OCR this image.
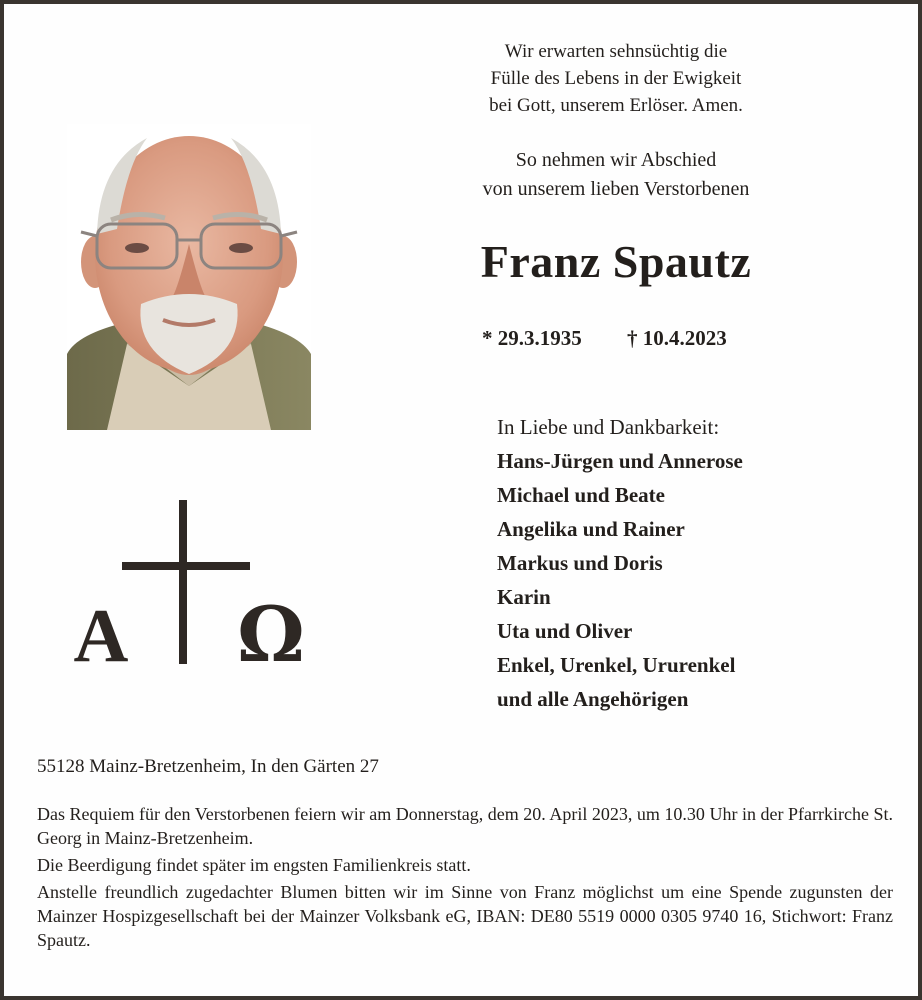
Wir erwarten sehnsüchtig die
Fülle des Lebens in der Ewigkeit
bei Gott, unserem Erlöser. Amen.
So nehmen wir Abschied
von unserem lieben Verstorbenen
Franz Spautz
* 29.3.1935 † 10.4.2023
A Ω
In Liebe und Dankbarkeit:
Hans-Jürgen und Annerose
Michael und Beate
Angelika und Rainer
Markus und Doris
Karin
Uta und Oliver
Enkel, Urenkel, Ururenkel
und alle Angehörigen
55128 Mainz-Bretzenheim, In den Gärten 27

Das Requiem für den Verstorbenen feiern wir am Donnerstag, dem 20. April 2023, um 10.30 Uhr in der Pfarrkirche St. Georg in Mainz-Bretzenheim.

Die Beerdigung findet später im engsten Familienkreis statt.

Anstelle freundlich zugedachter Blumen bitten wir im Sinne von Franz möglichst um eine Spende zugunsten der Mainzer Hospizgesellschaft bei der Mainzer Volksbank eG, IBAN: DE80 5519 0000 0305 9740 16, Stichwort: Franz Spautz.
